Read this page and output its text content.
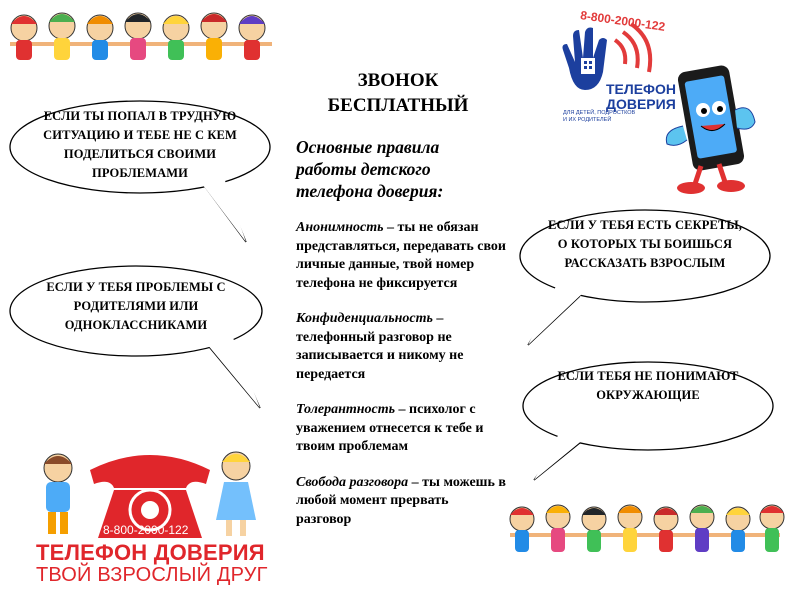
ЕСЛИ ТЫ ПОПАЛ В ТРУДНУЮ
СИТУАЦИЮ И ТЕБЕ НЕ С КЕМ
ПОДЕЛИТЬСЯ СВОИМИ
ПРОБЛЕМАМИ
ЕСЛИ У ТЕБЯ ПРОБЛЕМЫ С
РОДИТЕЛЯМИ ИЛИ
ОДНОКЛАССНИКАМИ
ЕСЛИ У ТЕБЯ ЕСТЬ СЕКРЕТЫ,
О КОТОРЫХ ТЫ БОИШЬСЯ
РАССКАЗАТЬ ВЗРОСЛЫМ
ЕСЛИ ТЕБЯ НЕ ПОНИМАЮТ
ОКРУЖАЮЩИЕ
ЗВОНОК
БЕСПЛАТНЫЙ
Основные правила
работы детского
телефона доверия:

Анонимность – ты не обязан представляться, передавать свои личные данные, твой номер телефона не фиксируется

Конфиденциальность – телефонный разговор не записывается и никому не передается

Толерантность – психолог с уважением отнесется к тебе и твоим проблемам

Свобода разговора – ты можешь в любой момент прервать разговор

8-800-2000-122
ТЕЛЕФОН
ДОВЕРИЯ
ДЛЯ ДЕТЕЙ, ПОДРОСТКОВ
И ИХ РОДИТЕЛЕЙ
8-800-2000-122
ТЕЛЕФОН ДОВЕРИЯ
ТВОЙ ВЗРОСЛЫЙ ДРУГ
